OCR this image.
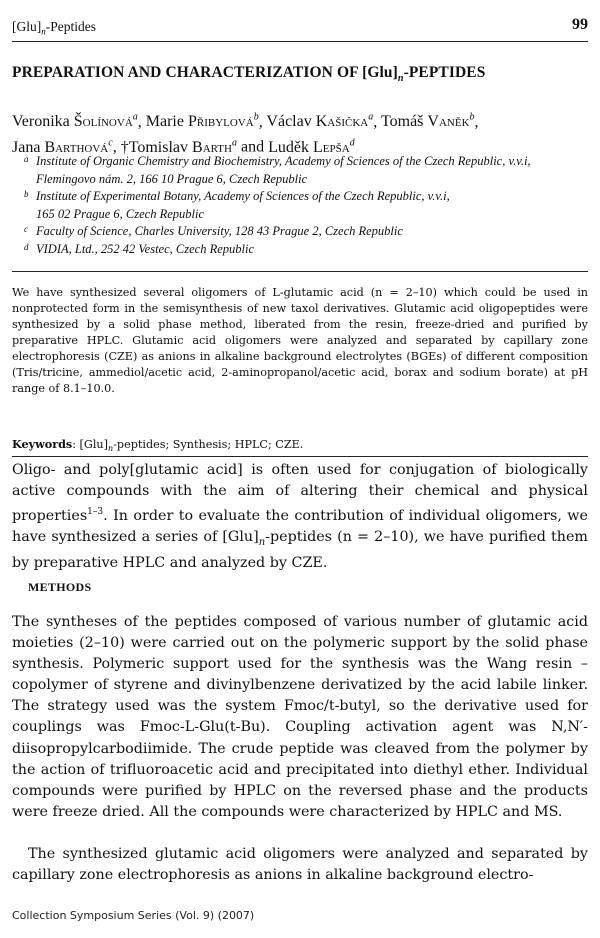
$[Glu]_n$-Peptides	99
PREPARATION AND CHARACTERIZATION OF $[Glu]_n$-PEPTIDES
Veronika Šolínová$^a$, Marie Přibylová$^b$, Václav Kašička$^a$, Tomáš Vaněk$^b$,
Jana Barthová$^c$, †Tomislav Barth$^a$ and Luděk Lepša$^d$
a Institute of Organic Chemistry and Biochemistry, Academy of Sciences of the Czech Republic, v.v.i,
Flemingovo nám. 2, 166 10 Prague 6, Czech Republic
b Institute of Experimental Botany, Academy of Sciences of the Czech Republic, v.v.i,
165 02 Prague 6, Czech Republic
c Faculty of Science, Charles University, 128 43 Prague 2, Czech Republic
d VIDIA, Ltd., 252 42 Vestec, Czech Republic
We have synthesized several oligomers of L-glutamic acid (n = 2–10) which could be used in nonprotected form in the semisynthesis of new taxol derivatives. Glutamic acid oligopeptides were synthesized by a solid phase method, liberated from the resin, freeze-dried and purified by preparative HPLC. Glutamic acid oligomers were analyzed and separated by capillary zone electrophoresis (CZE) as anions in alkaline background electrolytes (BGEs) of different composition (Tris/tricine, ammediol/acetic acid, 2-aminopropanol/acetic acid, borax and sodium borate) at pH range of 8.1–10.0.
Keywords: $[Glu]_n$-peptides; Synthesis; HPLC; CZE.
Oligo- and poly[glutamic acid] is often used for conjugation of biologically active compounds with the aim of altering their chemical and physical properties$^{1-3}$. In order to evaluate the contribution of individual oligomers, we have synthesized a series of $[Glu]_n$-peptides (n = 2–10), we have purified them by preparative HPLC and analyzed by CZE.
METHODS
The syntheses of the peptides composed of various number of glutamic acid moieties (2–10) were carried out on the polymeric support by the solid phase synthesis. Polymeric support used for the synthesis was the Wang resin – copolymer of styrene and divinylbenzene derivatized by the acid labile linker. The strategy used was the system Fmoc/t-butyl, so the derivative used for couplings was Fmoc-L-Glu(t-Bu). Coupling activation agent was N,N′-diisopropylcarbodiimide. The crude peptide was cleaved from the polymer by the action of trifluoroacetic acid and precipitated into diethyl ether. Individual compounds were purified by HPLC on the reversed phase and the products were freeze dried. All the compounds were characterized by HPLC and MS.
The synthesized glutamic acid oligomers were analyzed and separated by capillary zone electrophoresis as anions in alkaline background electro-
Collection Symposium Series (Vol. 9) (2007)
